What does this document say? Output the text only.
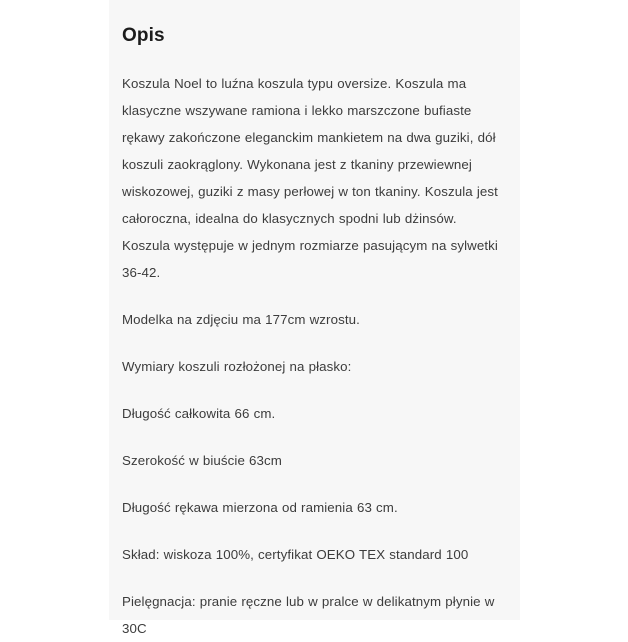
Opis

Koszula Noel to luźna koszula typu oversize. Koszula ma klasyczne wszywane ramiona i lekko marszczone bufiaste rękawy zakończone eleganckim mankietem na dwa guziki, dół koszuli zaokrąglony. Wykonana jest z tkaniny przewiewnej wiskozowej, guziki z masy perłowej w ton tkaniny. Koszula jest całoroczna, idealna do klasycznych spodni lub dżinsów. Koszula występuje w jednym rozmiarze pasującym na sylwetki 36-42.

Modelka na zdjęciu ma 177cm wzrostu.

Wymiary koszuli rozłożonej na płasko:

Długość całkowita 66 cm.

Szerokość w biuście 63cm

Długość rękawa mierzona od ramienia 63 cm.

Skład: wiskoza 100%, certyfikat OEKO TEX standard 100

Pielęgnacja: pranie ręczne lub w pralce w delikatnym płynie w 30C
